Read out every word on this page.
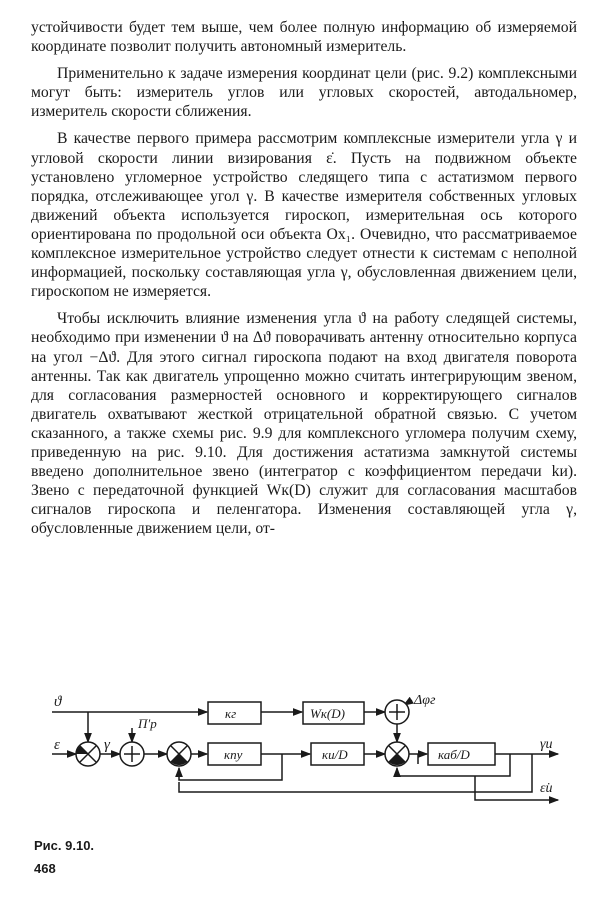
устойчивости будет тем выше, чем более полную информацию об измеряемой координате позволит получить автономный измеритель.

Применительно к задаче измерения координат цели (рис. 9.2) комплексными могут быть: измеритель углов или угловых скоростей, автодальномер, измеритель скорости сближения.

В качестве первого примера рассмотрим комплексные измерители угла γ и угловой скорости линии визирования ε̇. Пусть на подвижном объекте установлено угломерное устройство следящего типа с астатизмом первого порядка, отслеживающее угол γ. В качестве измерителя собственных угловых движений объекта используется гироскоп, измерительная ось которого ориентирована по продольной оси объекта Ox₁. Очевидно, что рассматриваемое комплексное измерительное устройство следует отнести к системам с неполной информацией, поскольку составляющая угла γ, обусловленная движением цели, гироскопом не измеряется.

Чтобы исключить влияние изменения угла ϑ на работу следящей системы, необходимо при изменении ϑ на Δϑ поворачивать антенну относительно корпуса на угол −Δϑ. Для этого сигнал гироскопа подают на вход двигателя поворота антенны. Так как двигатель упрощенно можно считать интегрирующим звеном, для согласования размерностей основного и корректирующего сигналов двигатель охватывают жесткой отрицательной обратной связью. С учетом сказанного, а также схемы рис. 9.9 для комплексного угломера получим схему, приведенную на рис. 9.10. Для достижения астатизма замкнутой системы введено дополнительное звено (интегратор с коэффициентом передачи kи). Звено с передаточной функцией Wк(D) служит для согласования масштабов сигналов гироскопа и пеленгатора. Изменения составляющей угла γ, обусловленные движением цели, от-

ϑ
ε	γ
П′р
кг	Wк(D)
Δφг
кпу	ки/D	каб/D
γи
ε̇и
Рис. 9.10.
468
